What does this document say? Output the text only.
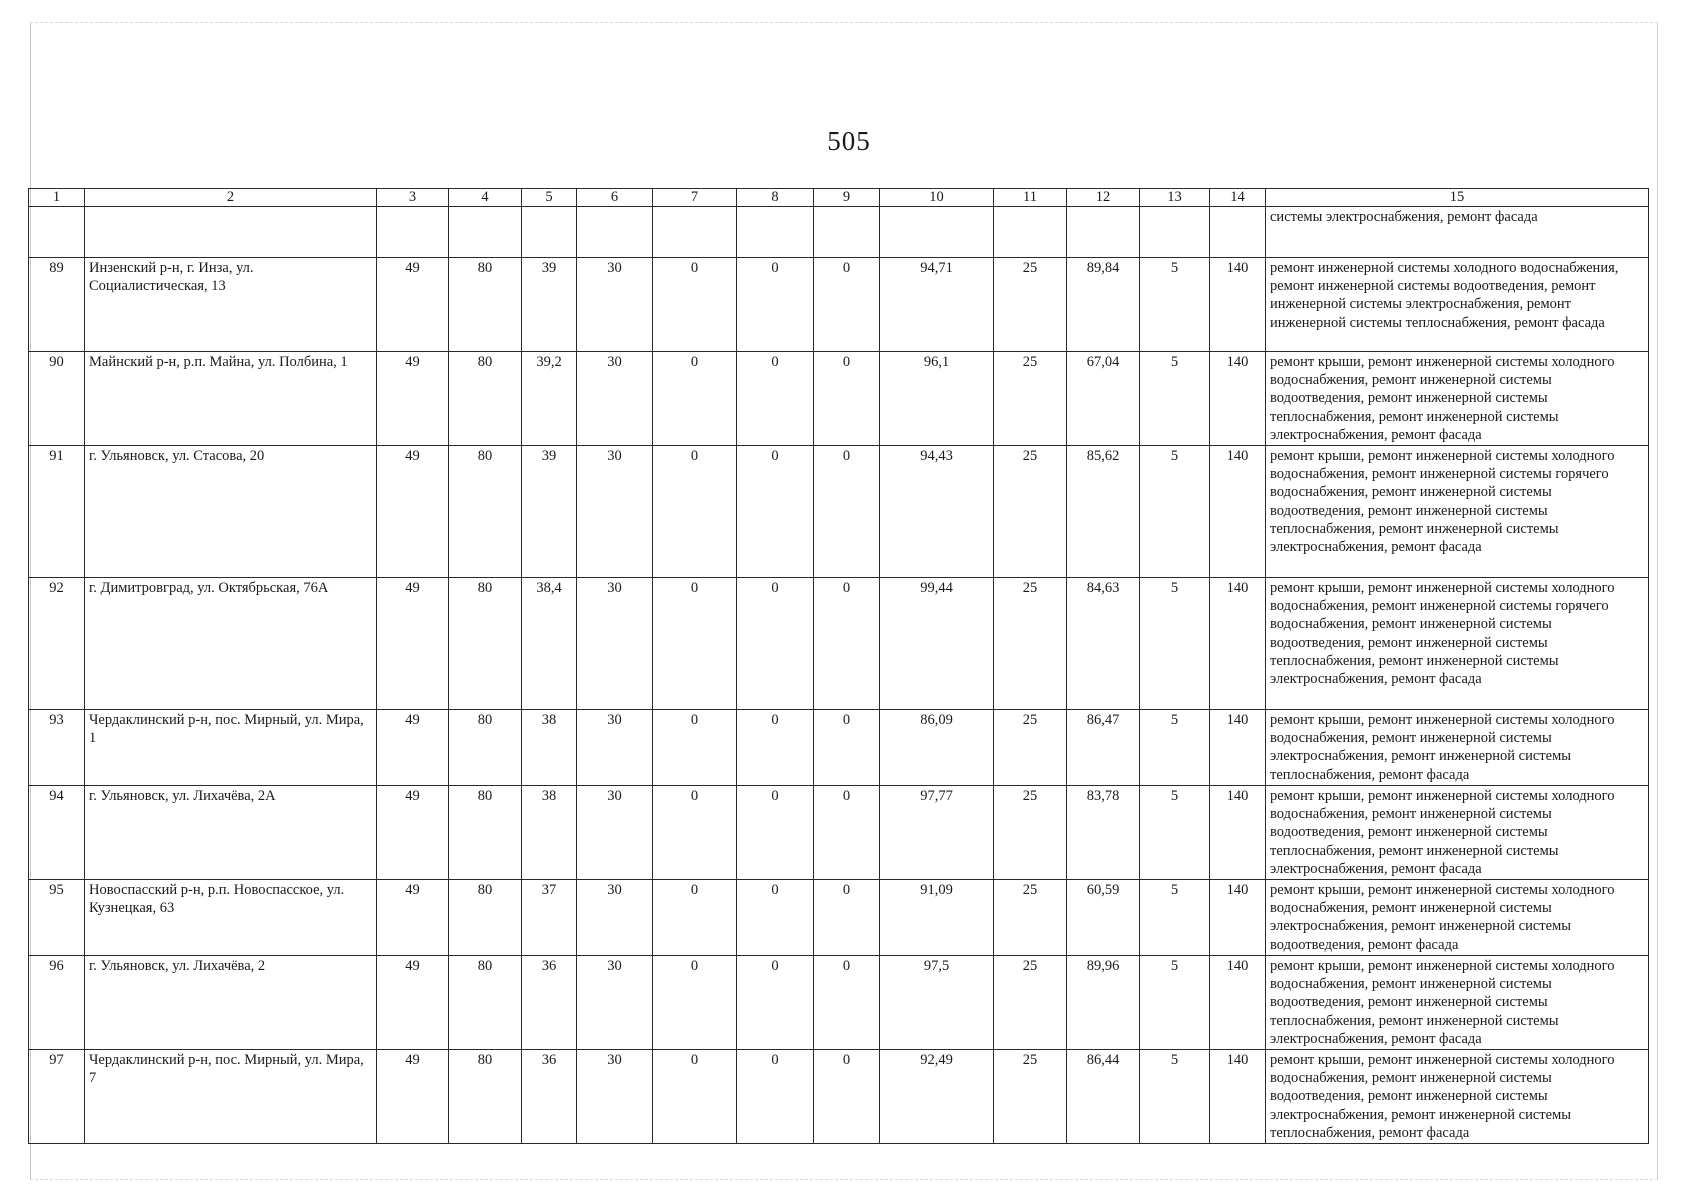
505
1	2	3	4	5	6	7	8	9	10	11	12	13	14	15
														системы электроснабжения, ремонт фасада
89	Инзенский р-н, г. Инза, ул. Социалистическая, 13	49	80	39	30	0	0	0	94,71	25	89,84	5	140	ремонт инженерной системы холодного водоснабжения, ремонт инженерной системы водоотведения, ремонт инженерной системы электроснабжения, ремонт инженерной системы теплоснабжения, ремонт фасада
90	Майнский р-н, р.п. Майна, ул. Полбина, 1	49	80	39,2	30	0	0	0	96,1	25	67,04	5	140	ремонт крыши, ремонт инженерной системы холодного водоснабжения, ремонт инженерной системы водоотведения, ремонт инженерной системы теплоснабжения, ремонт инженерной системы электроснабжения, ремонт фасада
91	г. Ульяновск, ул. Стасова, 20	49	80	39	30	0	0	0	94,43	25	85,62	5	140	ремонт крыши, ремонт инженерной системы холодного водоснабжения, ремонт инженерной системы горячего водоснабжения, ремонт инженерной системы водоотведения, ремонт инженерной системы теплоснабжения, ремонт инженерной системы электроснабжения, ремонт фасада
92	г. Димитровград, ул. Октябрьская, 76А	49	80	38,4	30	0	0	0	99,44	25	84,63	5	140	ремонт крыши, ремонт инженерной системы холодного водоснабжения, ремонт инженерной системы горячего водоснабжения, ремонт инженерной системы водоотведения, ремонт инженерной системы теплоснабжения, ремонт инженерной системы электроснабжения, ремонт фасада
93	Чердаклинский р-н, пос. Мирный, ул. Мира, 1	49	80	38	30	0	0	0	86,09	25	86,47	5	140	ремонт крыши, ремонт инженерной системы холодного водоснабжения, ремонт инженерной системы электроснабжения, ремонт инженерной системы теплоснабжения, ремонт фасада
94	г. Ульяновск, ул. Лихачёва, 2А	49	80	38	30	0	0	0	97,77	25	83,78	5	140	ремонт крыши, ремонт инженерной системы холодного водоснабжения, ремонт инженерной системы водоотведения, ремонт инженерной системы теплоснабжения, ремонт инженерной системы электроснабжения, ремонт фасада
95	Новоспасский р-н, р.п. Новоспасское, ул. Кузнецкая, 63	49	80	37	30	0	0	0	91,09	25	60,59	5	140	ремонт крыши, ремонт инженерной системы холодного водоснабжения, ремонт инженерной системы электроснабжения, ремонт инженерной системы водоотведения, ремонт фасада
96	г. Ульяновск, ул. Лихачёва, 2	49	80	36	30	0	0	0	97,5	25	89,96	5	140	ремонт крыши, ремонт инженерной системы холодного водоснабжения, ремонт инженерной системы водоотведения, ремонт инженерной системы теплоснабжения, ремонт инженерной системы электроснабжения, ремонт фасада
97	Чердаклинский р-н, пос. Мирный, ул. Мира, 7	49	80	36	30	0	0	0	92,49	25	86,44	5	140	ремонт крыши, ремонт инженерной системы холодного водоснабжения, ремонт инженерной системы водоотведения, ремонт инженерной системы электроснабжения, ремонт инженерной системы теплоснабжения, ремонт фасада
